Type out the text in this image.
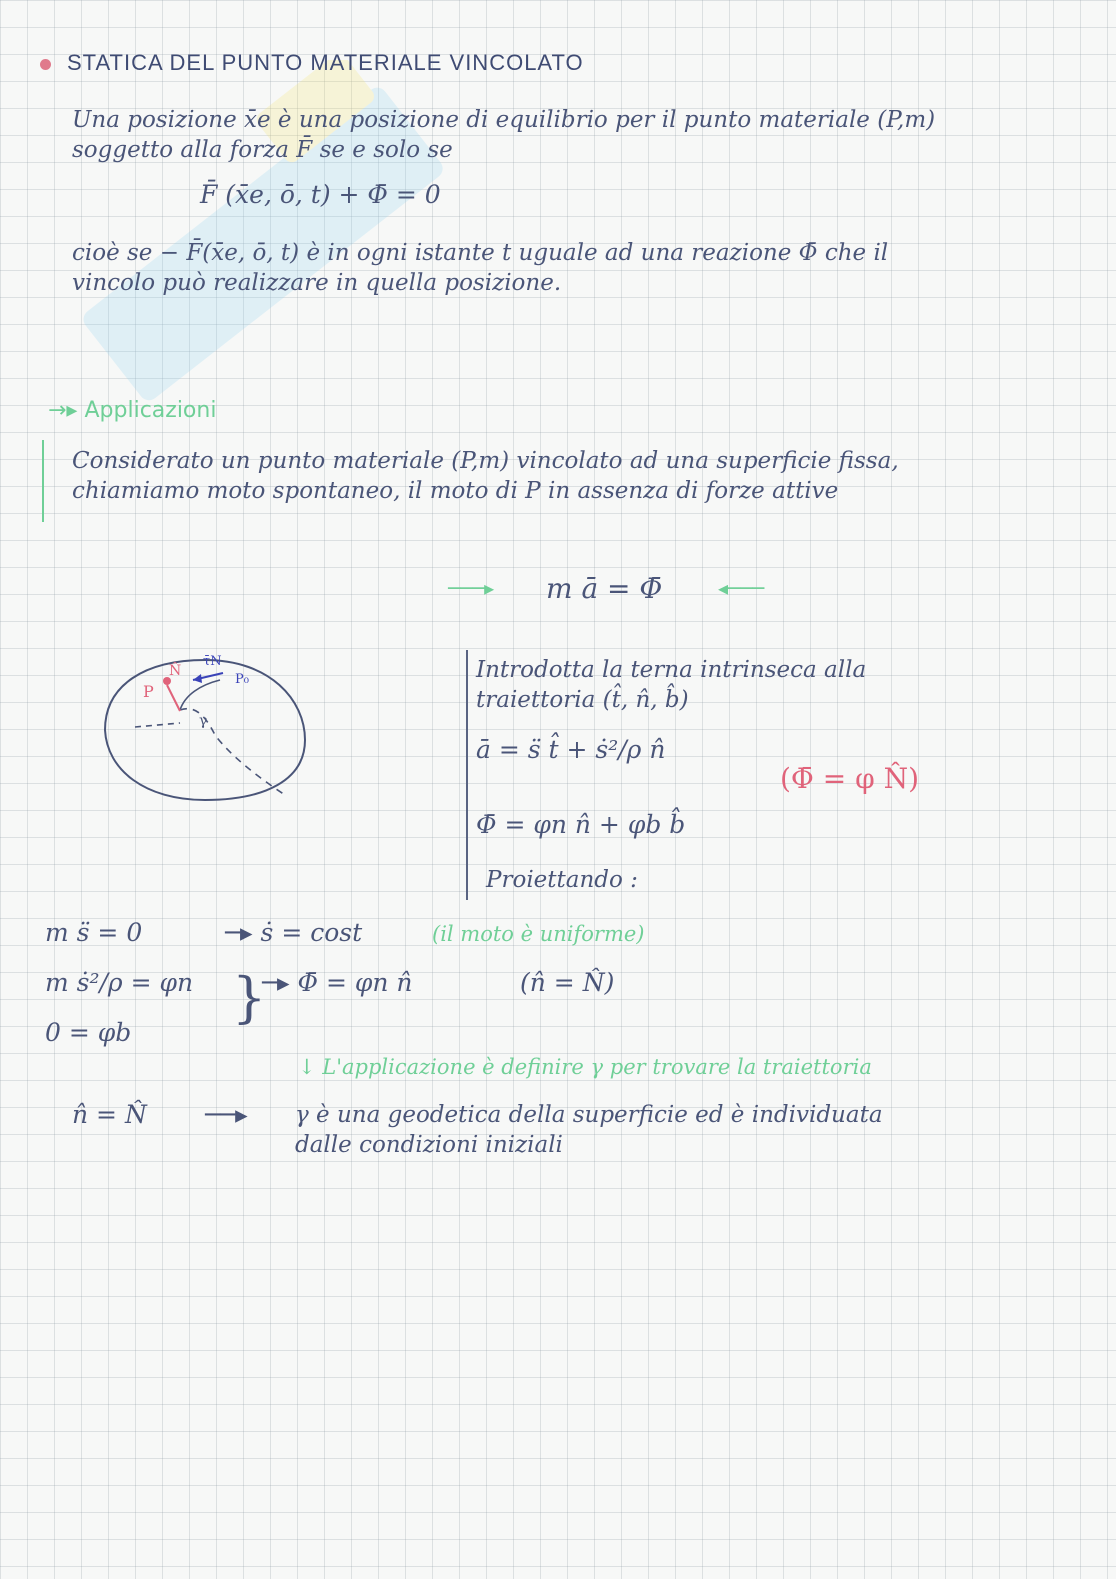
STATICA DEL PUNTO MATERIALE VINCOLATO
Una posizione x̄e è una posizione di equilibrio per il punto materiale (P,m) soggetto alla forza F̄ se e solo se
F̄ (x̄e, ō, t) + Φ̄ = 0
cioè se − F̄(x̄e, ō, t) è in ogni istante t uguale ad una reazione Φ̄ che il vincolo può realizzare in quella posizione.
→▸ Applicazioni
Considerato un punto materiale (P,m) vincolato ad una superficie fissa, chiamiamo moto spontaneo, il moto di P in assenza di forze attive
───▸ m ā = Φ̄	◂───
P
N̂
τ̄N
P₀
γ
Introdotta la terna intrinseca alla traiettoria (t̂, n̂, b̂)
ā = s̈ t̂ + ṡ²/ρ n̂
(Φ̄ = φ N̂)
Φ̄ = φn n̂ + φb b̂
Proiettando :
m s̈ = 0	─▸ ṡ = cost	(il moto è uniforme)
m ṡ²/ρ = φn
0 = φb
}
─▸ Φ̄ = φn n̂	(n̂ = N̂)
↓ L'applicazione è definire γ per trovare la traiettoria
n̂ = N̂ ──▸ γ è una geodetica della superficie ed è individuata dalle condizioni iniziali
